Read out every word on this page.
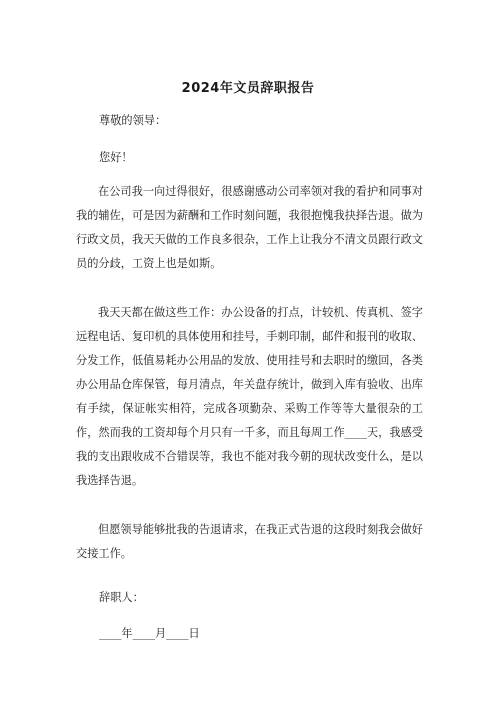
2024年文员辞职报告
尊敬的领导：
您好！
在公司我一向过得很好，很感谢感动公司率领对我的看护和同事对我的辅佐，可是因为薪酬和工作时刻问题，我很抱愧我抉择告退。做为行政文员，我天天做的工作良多很杂，工作上让我分不清文员跟行政文员的分歧，工资上也是如斯。
我天天都在做这些工作：办公设备的打点，计较机、传真机、签字远程电话、复印机的具体使用和挂号，手刺印制，邮件和报刊的收取、分发工作，低值易耗办公用品的发放、使用挂号和去职时的缴回，各类办公用品仓库保管，每月清点，年关盘存统计，做到入库有验收、出库有手续，保证帐实相符，完成各项勤杂、采购工作等等大量很杂的工作，然而我的工资却每个月只有一千多，而且每周工作____天，我感受我的支出跟收成不合错误等，我也不能对我今朝的现状改变什么，是以我选择告退。
但愿领导能够批我的告退请求，在我正式告退的这段时刻我会做好交接工作。
辞职人：
____年____月____日
